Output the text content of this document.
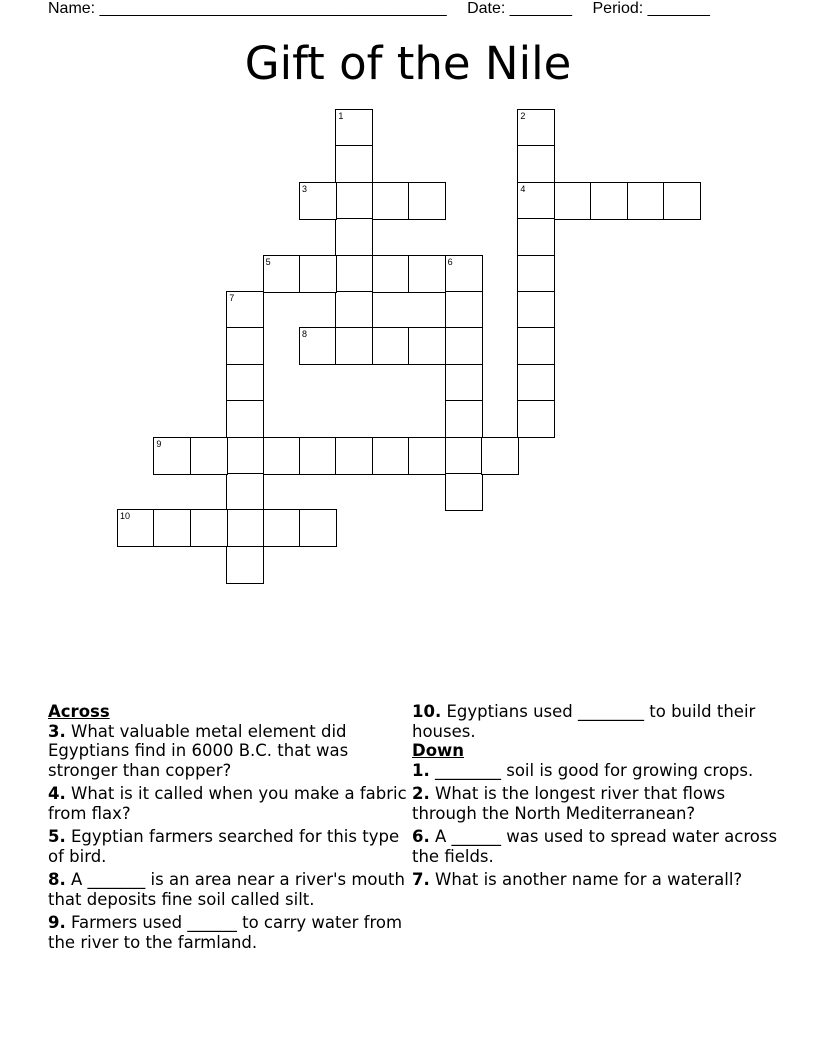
Name: _______________________________________ Date: _______ Period: _______
Gift of the Nile
1	2
4
3
5	6
7
8
9
10
Across
3. What valuable metal element did Egyptians find in 6000 B.C. that was stronger than copper?
4. What is it called when you make a fabric from flax?
5. Egyptian farmers searched for this type of bird.
8. A _______ is an area near a river's mouth that deposits fine soil called silt.
9. Farmers used ______ to carry water from the river to the farmland.
10. Egyptians used ________ to build their houses.
Down
1. ________ soil is good for growing crops.
2. What is the longest river that flows through the North Mediterranean?
6. A ______ was used to spread water across the fields.
7. What is another name for a waterall?
